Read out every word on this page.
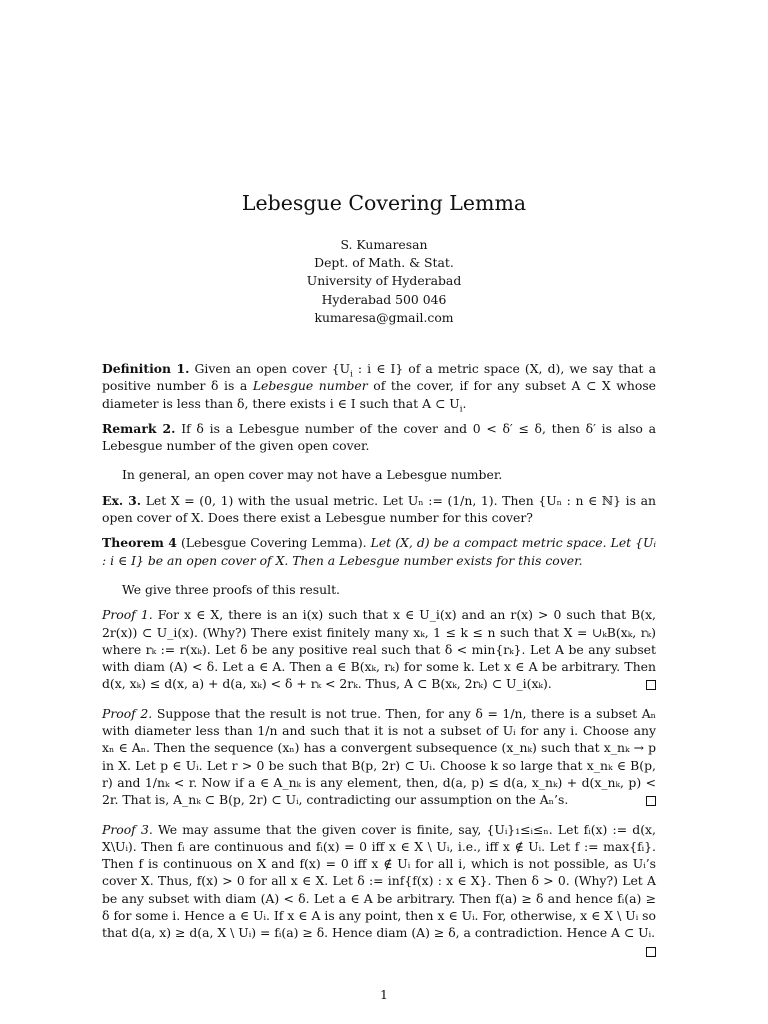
Lebesgue Covering Lemma
S. Kumaresan
Dept. of Math. & Stat.
University of Hyderabad
Hyderabad 500 046
kumaresa@gmail.com

Definition 1. Given an open cover {$U_i$ : i ∈ I} of a metric space (X, d), we say that a positive number δ is a Lebesgue number of the cover, if for any subset A ⊂ X whose diameter is less than δ, there exists i ∈ I such that A ⊂ $U_i$.

Remark 2. If δ is a Lebesgue number of the cover and 0 < δ′ ≤ δ, then δ′ is also a Lebesgue number of the given open cover.

In general, an open cover may not have a Lebesgue number.

Ex. 3. Let X = (0, 1) with the usual metric. Let Uₙ := (1/n, 1). Then {Uₙ : n ∈ ℕ} is an open cover of X. Does there exist a Lebesgue number for this cover?

Theorem 4 (Lebesgue Covering Lemma). Let (X, d) be a compact metric space. Let {Uᵢ : i ∈ I} be an open cover of X. Then a Lebesgue number exists for this cover.

We give three proofs of this result.

Proof 1. For x ∈ X, there is an i(x) such that x ∈ U_i(x) and an r(x) > 0 such that B(x, 2r(x)) ⊂ U_i(x). (Why?) There exist finitely many xₖ, 1 ≤ k ≤ n such that X = ∪ₖB(xₖ, rₖ) where rₖ := r(xₖ). Let δ be any positive real such that δ < min{rₖ}. Let A be any subset with diam (A) < δ. Let a ∈ A. Then a ∈ B(xₖ, rₖ) for some k. Let x ∈ A be arbitrary. Then d(x, xₖ) ≤ d(x, a) + d(a, xₖ) < δ + rₖ < 2rₖ. Thus, A ⊂ B(xₖ, 2rₖ) ⊂ U_i(xₖ).

Proof 2. Suppose that the result is not true. Then, for any δ = 1/n, there is a subset Aₙ with diameter less than 1/n and such that it is not a subset of Uᵢ for any i. Choose any xₙ ∈ Aₙ. Then the sequence (xₙ) has a convergent subsequence (x_nₖ) such that x_nₖ → p in X. Let p ∈ Uᵢ. Let r > 0 be such that B(p, 2r) ⊂ Uᵢ. Choose k so large that x_nₖ ∈ B(p, r) and 1/nₖ < r. Now if a ∈ A_nₖ is any element, then, d(a, p) ≤ d(a, x_nₖ) + d(x_nₖ, p) < 2r. That is, A_nₖ ⊂ B(p, 2r) ⊂ Uᵢ, contradicting our assumption on the Aₙ’s.

Proof 3. We may assume that the given cover is finite, say, {Uᵢ}₁≤ᵢ≤ₙ. Let fᵢ(x) := d(x, X\Uᵢ). Then fᵢ are continuous and fᵢ(x) = 0 iff x ∈ X \ Uᵢ, i.e., iff x ∉ Uᵢ. Let f := max{fᵢ}. Then f is continuous on X and f(x) = 0 iff x ∉ Uᵢ for all i, which is not possible, as Uᵢ’s cover X. Thus, f(x) > 0 for all x ∈ X. Let δ := inf{f(x) : x ∈ X}. Then δ > 0. (Why?) Let A be any subset with diam (A) < δ. Let a ∈ A be arbitrary. Then f(a) ≥ δ and hence fᵢ(a) ≥ δ for some i. Hence a ∈ Uᵢ. If x ∈ A is any point, then x ∈ Uᵢ. For, otherwise, x ∈ X \ Uᵢ so that d(a, x) ≥ d(a, X \ Uᵢ) = fᵢ(a) ≥ δ. Hence diam (A) ≥ δ, a contradiction. Hence A ⊂ Uᵢ.

1
